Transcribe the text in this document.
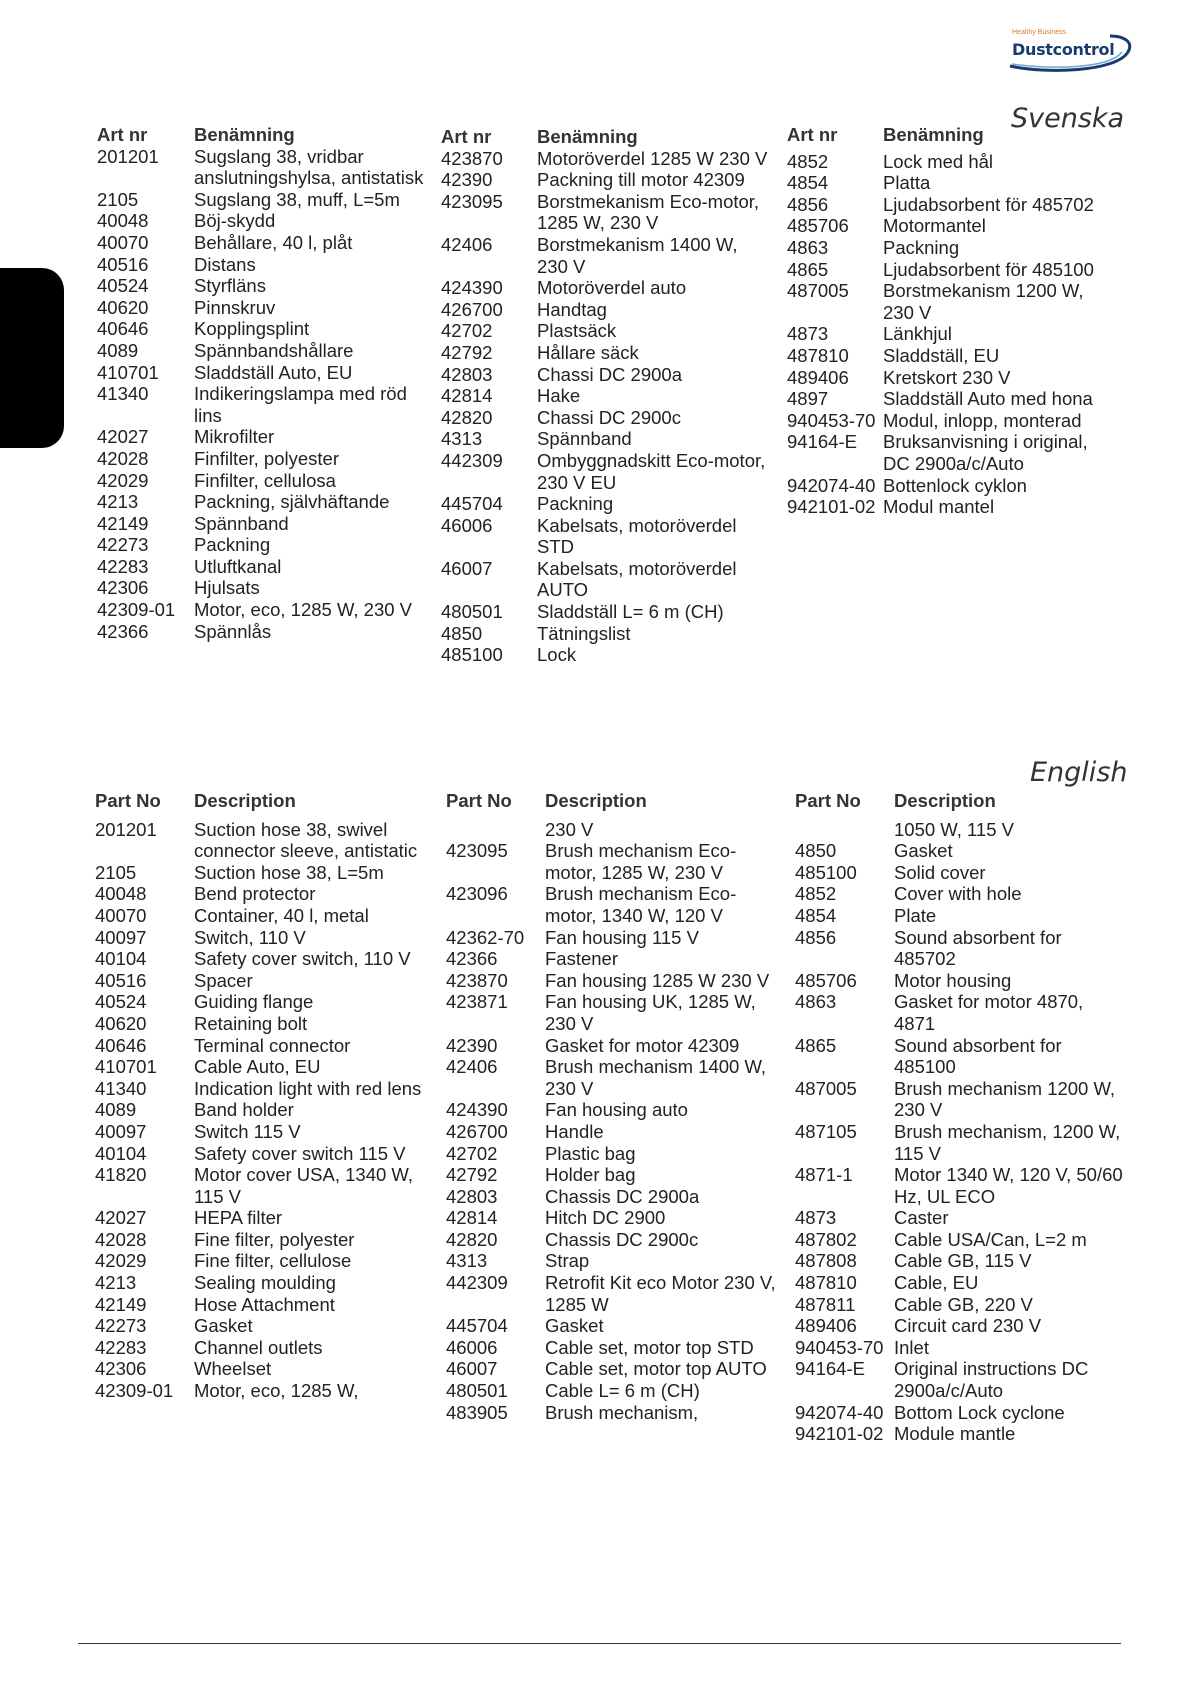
Healthy Business
Dustcontrol
Svenska
Art nr	Benämning
201201	Sugslang 38, vridbar anslutningshylsa, antistatisk
2105	Sugslang 38, muff, L=5m
40048	Böj-skydd
40070	Behållare, 40 l, plåt
40516	Distans
40524	Styrfläns
40620	Pinnskruv
40646	Kopplingsplint
4089	Spännbandshållare
410701	Sladdställ Auto, EU
41340	Indikeringslampa med röd lins
42027	Mikrofilter
42028	Finfilter, polyester
42029	Finfilter, cellulosa
4213	Packning, självhäftande
42149	Spännband
42273	Packning
42283	Utluftkanal
42306	Hjulsats
42309-01	Motor, eco, 1285 W, 230 V
42366	Spännlås
Art nr	Benämning
423870	Motoröverdel 1285 W 230 V
42390	Packning till motor 42309
423095	Borstmekanism Eco-motor, 1285 W, 230 V
42406	Borstmekanism 1400 W, 230 V
424390	Motoröverdel auto
426700	Handtag
42702	Plastsäck
42792	Hållare säck
42803	Chassi DC 2900a
42814	Hake
42820	Chassi DC 2900c
4313	Spännband
442309	Ombyggnadskitt Eco-motor, 230 V EU
445704	Packning
46006	Kabelsats, motoröverdel STD
46007	Kabelsats, motoröverdel AUTO
480501	Sladdställ L= 6 m (CH)
4850	Tätningslist
485100	Lock
Art nr	Benämning
4852	Lock med hål
4854	Platta
4856	Ljudabsorbent för 485702
485706	Motormantel
4863	Packning
4865	Ljudabsorbent för 485100
487005	Borstmekanism 1200 W, 230 V
4873	Länkhjul
487810	Sladdställ, EU
489406	Kretskort 230 V
4897	Sladdställ Auto med hona
940453-70 Modul, inlopp, monterad
94164-E	Bruksanvisning i original, DC 2900a/c/Auto
942074-40 Bottenlock cyklon
942101-02 Modul mantel
English
Part No	Description
201201	Suction hose 38, swivel connector sleeve, antistatic
2105	Suction hose 38, L=5m
40048	Bend protector
40070	Container, 40 l, metal
40097	Switch, 110 V
40104	Safety cover switch, 110 V
40516	Spacer
40524	Guiding flange
40620	Retaining bolt
40646	Terminal connector
410701	Cable Auto, EU
41340	Indication light with red lens
4089	Band holder
40097	Switch 115 V
40104	Safety cover switch 115 V
41820	Motor cover USA, 1340 W, 115 V
42027	HEPA filter
42028	Fine filter, polyester
42029	Fine filter, cellulose
4213	Sealing moulding
42149	Hose Attachment
42273	Gasket
42283	Channel outlets
42306	Wheelset
42309-01	Motor, eco, 1285 W,
Part No	Description
230 V
423095	Brush mechanism Eco-motor, 1285 W, 230 V
423096	Brush mechanism Eco-motor, 1340 W, 120 V
42362-70	Fan housing 115 V
42366	Fastener
423870	Fan housing 1285 W 230 V
423871	Fan housing UK, 1285 W, 230 V
42390	Gasket for motor 42309
42406	Brush mechanism 1400 W, 230 V
424390	Fan housing auto
426700	Handle
42702	Plastic bag
42792	Holder bag
42803	Chassis DC 2900a
42814	Hitch DC 2900
42820	Chassis DC 2900c
4313	Strap
442309	Retrofit Kit eco Motor 230 V, 1285 W
445704	Gasket
46006	Cable set, motor top STD
46007	Cable set, motor top AUTO
480501	Cable L= 6 m (CH)
483905	Brush mechanism,
Part No	Description
1050 W, 115 V
4850	Gasket
485100	Solid cover
4852	Cover with hole
4854	Plate
4856	Sound absorbent for 485702
485706	Motor housing
4863	Gasket for motor 4870, 4871
4865	Sound absorbent for 485100
487005	Brush mechanism 1200 W, 230 V
487105	Brush mechanism, 1200 W, 115 V
4871-1	Motor 1340 W, 120 V, 50/60 Hz, UL ECO
4873	Caster
487802	Cable USA/Can, L=2 m
487808	Cable GB, 115 V
487810	Cable, EU
487811	Cable GB, 220 V
489406	Circuit card 230 V
940453-70 Inlet
94164-E	Original instructions DC 2900a/c/Auto
942074-40 Bottom Lock cyclone
942101-02 Module mantle
